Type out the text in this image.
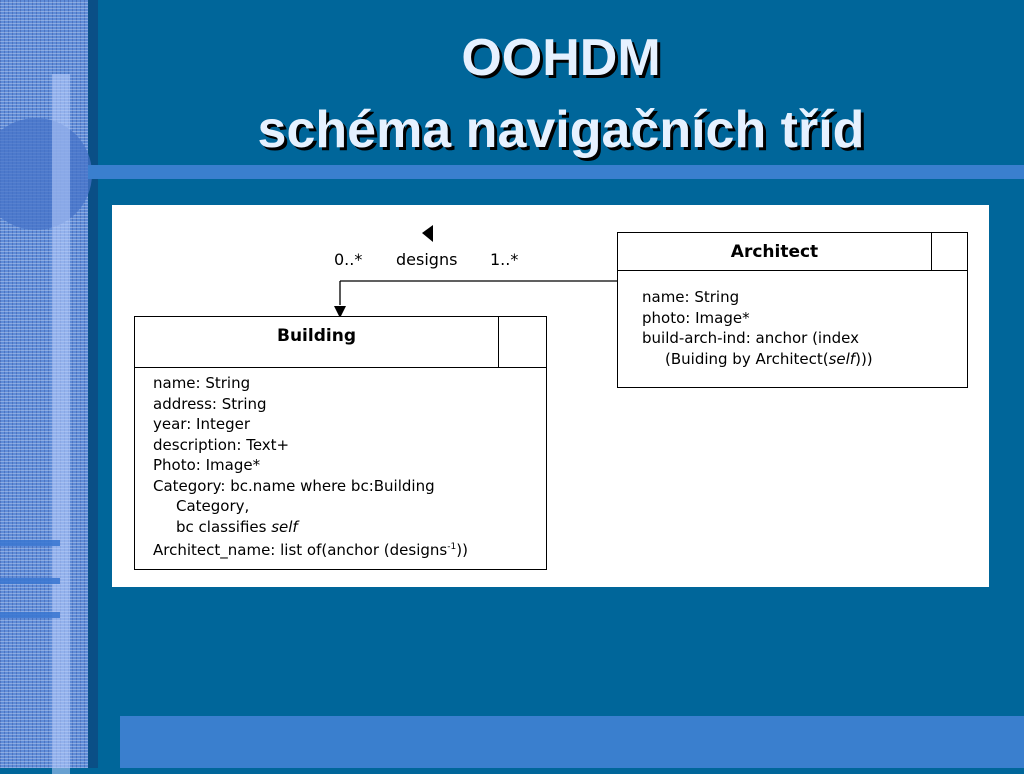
OOHDM
schéma navigačních tříd
0..* designs 1..*
Building
name: String
address: String
year: Integer
description: Text+
Photo: Image*
Category: bc.name where bc:Building
Category,
bc classifies self
Architect_name: list of(anchor (designs$^{-1}$))
Architect
name: String
photo: Image*
build-arch-ind: anchor (index
(Buiding by Architect(self)))
